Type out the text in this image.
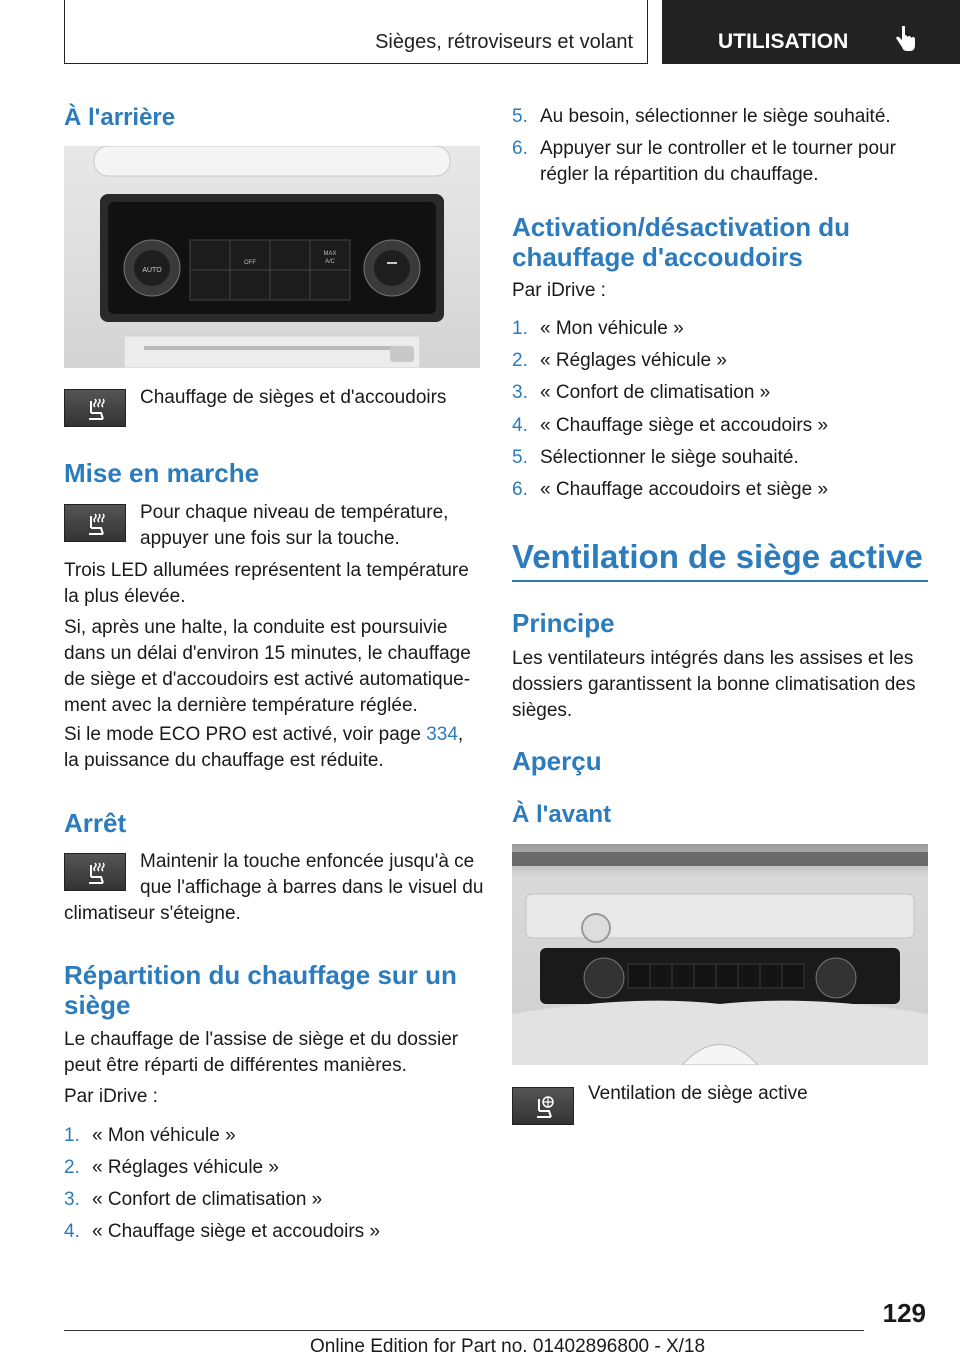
Sièges, rétroviseurs et volant	UTILISATION
À l'arrière
AUTO
OFF
MAX
A/C

Chauffage de sièges et d'accoudoirs

Mise en marche

Pour chaque niveau de température,

appuyer une fois sur la touche.

Trois LED allumées représentent la température la plus élevée.

Si, après une halte, la conduite est poursuivie dans un délai d'environ 15 minutes, le chauffage de siège et d'accoudoirs est activé automatique-ment avec la dernière température réglée.

Si le mode ECO PRO est activé, voir page 334, la puissance du chauffage est réduite.

Arrêt

Maintenir la touche enfoncée jusqu'à ce

que l'affichage à barres dans le visuel du

climatiseur s'éteigne.

Répartition du chauffage sur un siège

Le chauffage de l'assise de siège et du dossier peut être réparti de différentes manières.

Par iDrive :

1. « Mon véhicule »
2. « Réglages véhicule »
3. « Confort de climatisation »
4. « Chauffage siège et accoudoirs »
5. Au besoin, sélectionner le siège souhaité.
6. Appuyer sur le controller et le tourner pour régler la répartition du chauffage.
Activation/désactivation du chauffage d'accoudoirs

Par iDrive :

1. « Mon véhicule »
2. « Réglages véhicule »
3. « Confort de climatisation »
4. « Chauffage siège et accoudoirs »
5. Sélectionner le siège souhaité.
6. « Chauffage accoudoirs et siège »
Ventilation de siège active
Principe

Les ventilateurs intégrés dans les assises et les dossiers garantissent la bonne climatisation des sièges.

Aperçu
À l'avant

Ventilation de siège active

129
Online Edition for Part no. 01402896800 - X/18
